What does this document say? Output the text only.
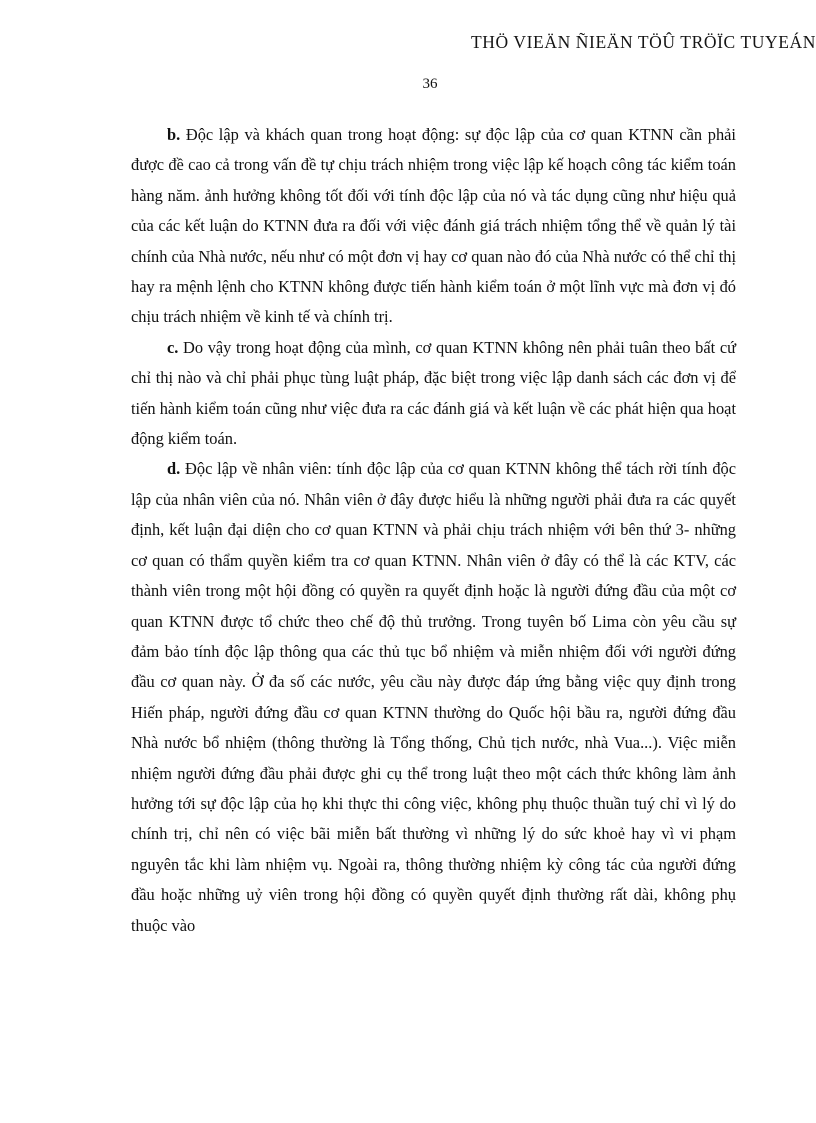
THÖ VIEÄN ÑIEÄN TÖÛ TRÖÏC TUYEÁN
36

b. Độc lập và khách quan trong hoạt động: sự độc lập của cơ quan KTNN cần phải được đề cao cả trong vấn đề tự chịu trách nhiệm trong việc lập kế hoạch công tác kiểm toán hàng năm. ảnh hưởng không tốt đối với tính độc lập của nó và tác dụng cũng như hiệu quả của các kết luận do KTNN đưa ra đối với việc đánh giá trách nhiệm tổng thể về quản lý tài chính của Nhà nước, nếu như có một đơn vị hay cơ quan nào đó của Nhà nước có thể chỉ thị hay ra mệnh lệnh cho KTNN không được tiến hành kiểm toán ở một lĩnh vực mà đơn vị đó chịu trách nhiệm về kinh tế và chính trị.

c. Do vậy trong hoạt động của mình, cơ quan KTNN không nên phải tuân theo bất cứ chỉ thị nào và chỉ phải phục tùng luật pháp, đặc biệt trong việc lập danh sách các đơn vị để tiến hành kiểm toán cũng như việc đưa ra các đánh giá và kết luận về các phát hiện qua hoạt động kiểm toán.

d. Độc lập về nhân viên: tính độc lập của cơ quan KTNN không thể tách rời tính độc lập của nhân viên của nó. Nhân viên ở đây được hiểu là những người phải đưa ra các quyết định, kết luận đại diện cho cơ quan KTNN và phải chịu trách nhiệm với bên thứ 3- những cơ quan có thẩm quyền kiểm tra cơ quan KTNN. Nhân viên ở đây có thể là các KTV, các thành viên trong một hội đồng có quyền ra quyết định hoặc là người đứng đầu của một cơ quan KTNN được tổ chức theo chế độ thủ trưởng. Trong tuyên bố Lima còn yêu cầu sự đảm bảo tính độc lập thông qua các thủ tục bổ nhiệm và miễn nhiệm đối với người đứng đầu cơ quan này. Ở đa số các nước, yêu cầu này được đáp ứng bằng việc quy định trong Hiến pháp, người đứng đầu cơ quan KTNN thường do Quốc hội bầu ra, người đứng đầu Nhà nước bổ nhiệm (thông thường là Tổng thống, Chủ tịch nước, nhà Vua...). Việc miễn nhiệm người đứng đầu phải được ghi cụ thể trong luật theo một cách thức không làm ảnh hưởng tới sự độc lập của họ khi thực thi công việc, không phụ thuộc thuần tuý chỉ vì lý do chính trị, chỉ nên có việc bãi miễn bất thường vì những lý do sức khoẻ hay vì vi phạm nguyên tắc khi làm nhiệm vụ. Ngoài ra, thông thường nhiệm kỳ công tác của người đứng đầu hoặc những uỷ viên trong hội đồng có quyền quyết định thường rất dài, không phụ thuộc vào
